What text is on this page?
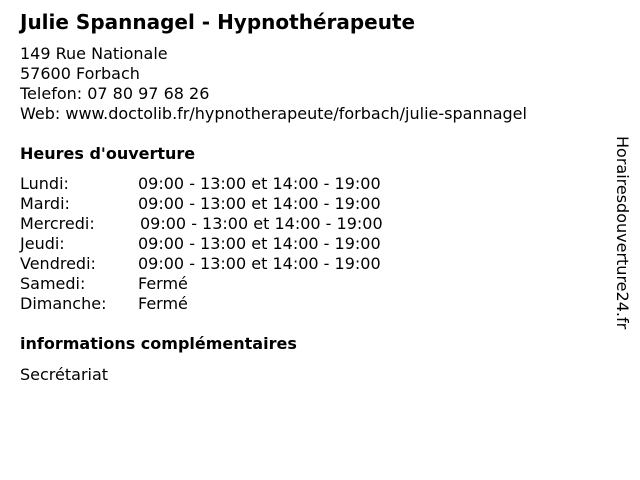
Julie Spannagel - Hypnothérapeute
149 Rue Nationale
57600 Forbach
Telefon: 07 80 97 68 26
Web: www.doctolib.fr/hypnotherapeute/forbach/julie-spannagel
Heures d'ouverture
Lundi:	09:00 - 13:00 et 14:00 - 19:00
Mardi:	09:00 - 13:00 et 14:00 - 19:00
Mercredi:	09:00 - 13:00 et 14:00 - 19:00
Jeudi:	09:00 - 13:00 et 14:00 - 19:00
Vendredi:	09:00 - 13:00 et 14:00 - 19:00
Samedi:	Fermé
Dimanche: Fermé
informations complémentaires
Secrétariat
Horairesdouverture24.fr
